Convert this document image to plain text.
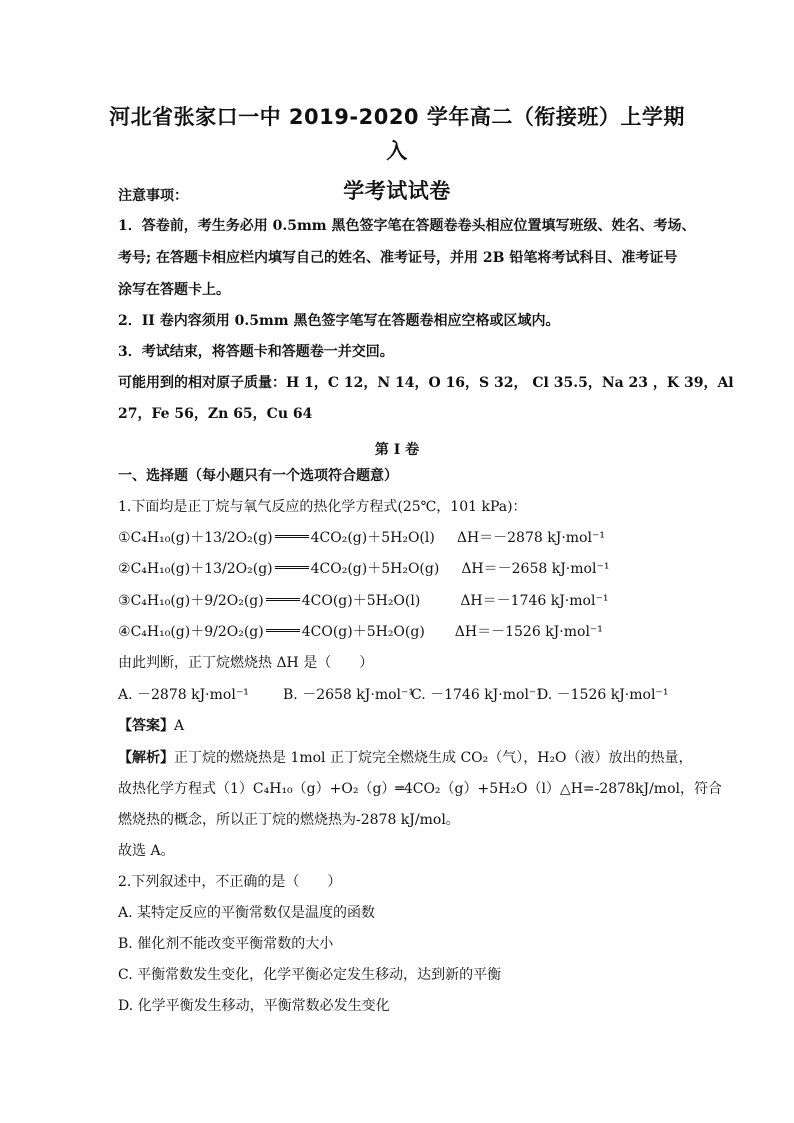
河北省张家口一中 2019-2020 学年高二（衔接班）上学期入
学考试试卷
注意事项：
1．答卷前，考生务必用 0.5mm 黑色签字笔在答题卷卷头相应位置填写班级、姓名、考场、
考号; 在答题卡相应栏内填写自己的姓名、准考证号，并用 2B 铅笔将考试科目、准考证号
涂写在答题卡上。
2．II 卷内容须用 0.5mm 黑色签字笔写在答题卷相应空格或区域内。
3．考试结束，将答题卡和答题卷一并交回。
可能用到的相对原子质量：H 1，C 12，N 14，O 16，S 32， Cl 35.5，Na 23 ，K 39，Al
27，Fe 56，Zn 65，Cu 64
第 I 卷
一、选择题（每小题只有一个选项符合题意）
1.下面均是正丁烷与氧气反应的热化学方程式(25℃，101 kPa)：
①C₄H₁₀(g)＋13/2O₂(g)	4CO₂(g)＋5H₂O(l) ΔH＝－2878 kJ·mol⁻¹
②C₄H₁₀(g)＋13/2O₂(g)	4CO₂(g)＋5H₂O(g) ΔH＝－2658 kJ·mol⁻¹
③C₄H₁₀(g)＋9/2O₂(g)	4CO(g)＋5H₂O(l)	ΔH＝－1746 kJ·mol⁻¹
④C₄H₁₀(g)＋9/2O₂(g)	4CO(g)＋5H₂O(g) ΔH＝－1526 kJ·mol⁻¹
由此判断，正丁烷燃烧热 ΔH 是（　　）
A. －2878 kJ·mol⁻¹ B. －2658 kJ·mol⁻¹C. －1746 kJ·mol⁻¹D. －1526 kJ·mol⁻¹
【答案】A
【解析】正丁烷的燃烧热是 1mol 正丁烷完全燃烧生成 CO₂（气），H₂O（液）放出的热量，
故热化学方程式（1）C₄H₁₀（g）+O₂（g）═4CO₂（g）+5H₂O（l）△H=-2878kJ/mol，符合
燃烧热的概念，所以正丁烷的燃烧热为-2878 kJ/mol。
故选 A。
2.下列叙述中，不正确的是（　　）
A. 某特定反应的平衡常数仅是温度的函数
B. 催化剂不能改变平衡常数的大小
C. 平衡常数发生变化，化学平衡必定发生移动，达到新的平衡
D. 化学平衡发生移动，平衡常数必发生变化
